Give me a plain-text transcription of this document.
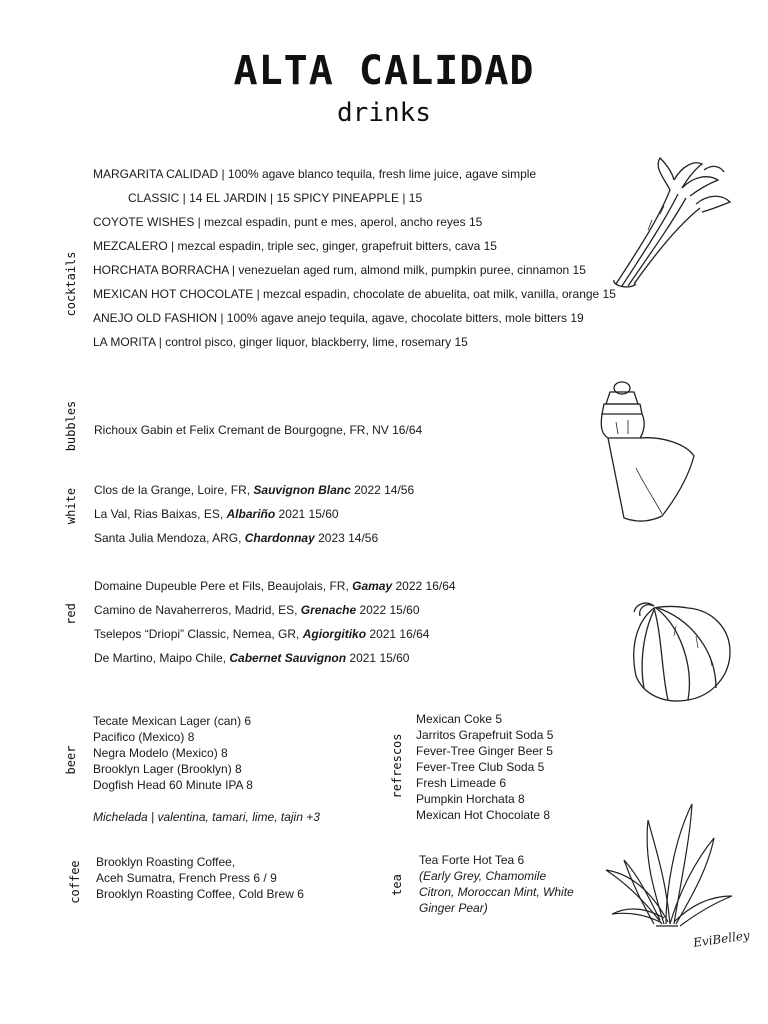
ALTA CALIDAD
drinks
cocktails
bubbles
white
red
beer	refrescos
coffee	tea
MARGARITA CALIDAD | 100% agave blanco tequila, fresh lime juice, agave simple
CLASSIC | 14 EL JARDIN | 15 SPICY PINEAPPLE | 15
COYOTE WISHES | mezcal espadin, punt e mes, aperol, ancho reyes 15
MEZCALERO | mezcal espadin, triple sec, ginger, grapefruit bitters, cava 15
HORCHATA BORRACHA | venezuelan aged rum, almond milk, pumpkin puree, cinnamon 15
MEXICAN HOT CHOCOLATE | mezcal espadin, chocolate de abuelita, oat milk, vanilla, orange 15
ANEJO OLD FASHION | 100% agave anejo tequila, agave, chocolate bitters, mole bitters 19
LA MORITA | control pisco, ginger liquor, blackberry, lime, rosemary 15
Richoux Gabin et Felix Cremant de Bourgogne, FR, NV 16/64
Clos de la Grange, Loire, FR, Sauvignon Blanc 2022 14/56
La Val, Rias Baixas, ES, Albariño 2021 15/60
Santa Julia Mendoza, ARG, Chardonnay 2023 14/56
Domaine Dupeuble Pere et Fils, Beaujolais, FR, Gamay 2022 16/64
Camino de Navaherreros, Madrid, ES, Grenache 2022 15/60
Tselepos “Driopi” Classic, Nemea, GR, Agiorgitiko 2021 16/64
De Martino, Maipo Chile, Cabernet Sauvignon 2021 15/60
Tecate Mexican Lager (can) 6
Pacifico (Mexico) 8
Negra Modelo (Mexico) 8
Brooklyn Lager (Brooklyn) 8
Dogfish Head 60 Minute IPA 8
Michelada | valentina, tamari, lime, tajin +3
Mexican Coke 5
Jarritos Grapefruit Soda 5
Fever-Tree Ginger Beer 5
Fever-Tree Club Soda 5
Fresh Limeade 6
Pumpkin Horchata 8
Mexican Hot Chocolate 8
Brooklyn Roasting Coffee,
Aceh Sumatra, French Press 6 / 9
Brooklyn Roasting Coffee, Cold Brew 6
Tea Forte Hot Tea 6
(Early Grey, Chamomile
Citron, Moroccan Mint, White
Ginger Pear)
EviBelley
